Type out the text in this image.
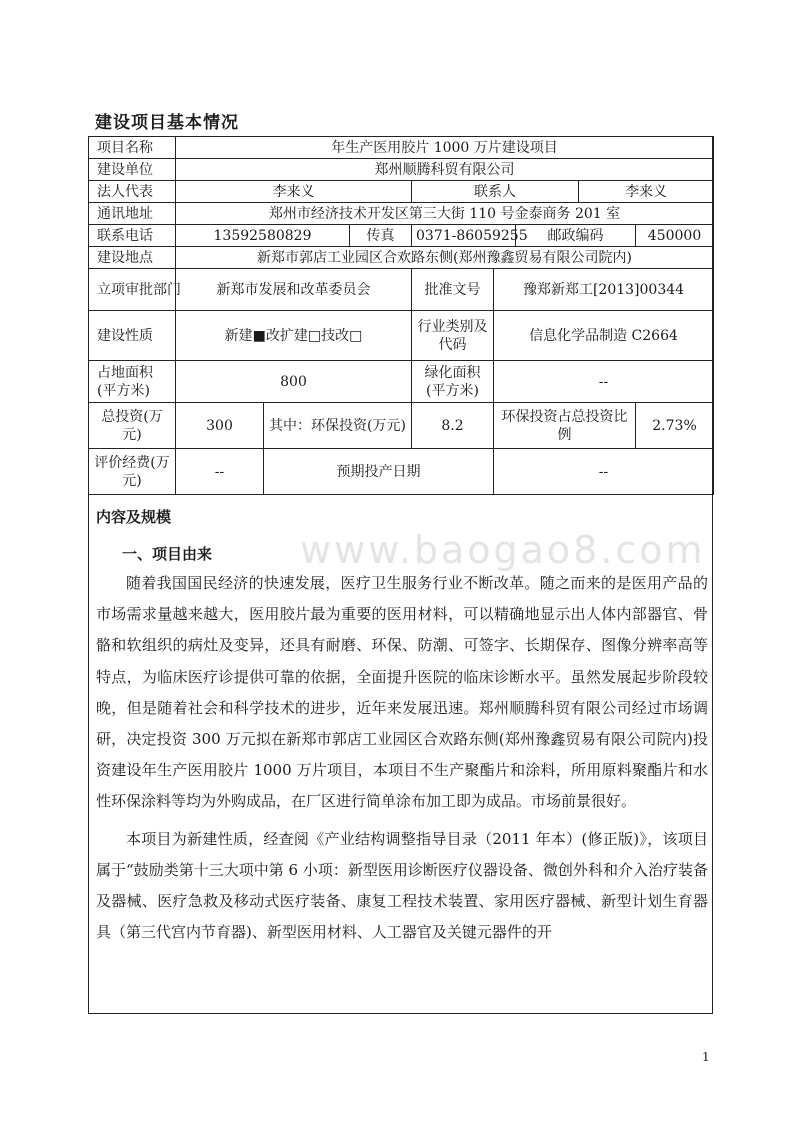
建设项目基本情况
项目名称	年生产医用胶片 1000 万片建设项目							
建设单位	郑州顺腾科贸有限公司							
法人代表	李来义			联系人			李来义	
通讯地址	郑州市经济技术开发区第三大街 110 号金泰商务 201 室							
联系电话	13592580829		传真	0371-86059255		邮政编码		450000
建设地点	新郑市郭店工业园区合欢路东侧(郑州豫鑫贸易有限公司院内)							
立项审批部门	新郑市发展和改革委员会			批准文号	豫郑新郑工[2013]00344			
建设性质	新建■改扩建□技改□			行业类别及代码	信息化学品制造 C2664			
占地面积(平方米)	800			绿化面积(平方米)	--			
总投资(万元)	300	其中：环保投资(万元)		8.2	环保投资占总投资比例			2.73%
评价经费(万元)	--	预期投产日期			--			
www.baogao8.com
内容及规模
一、项目由来
随着我国国民经济的快速发展，医疗卫生服务行业不断改革。随之而来的是医用产品的市场需求量越来越大，医用胶片最为重要的医用材料，可以精确地显示出人体内部器官、骨骼和软组织的病灶及变异，还具有耐磨、环保、防潮、可签字、长期保存、图像分辨率高等特点，为临床医疗诊提供可靠的依据，全面提升医院的临床诊断水平。虽然发展起步阶段较晚，但是随着社会和科学技术的进步，近年来发展迅速。郑州顺腾科贸有限公司经过市场调研，决定投资 300 万元拟在新郑市郭店工业园区合欢路东侧(郑州豫鑫贸易有限公司院内)投资建设年生产医用胶片 1000 万片项目，本项目不生产聚酯片和涂料，所用原料聚酯片和水性环保涂料等均为外购成品，在厂区进行简单涂布加工即为成品。市场前景很好。
本项目为新建性质，经查阅《产业结构调整指导目录（2011 年本）(修正版)》，该项目属于“鼓励类第十三大项中第 6 小项：新型医用诊断医疗仪器设备、微创外科和介入治疗装备及器械、医疗急救及移动式医疗装备、康复工程技术装置、家用医疗器械、新型计划生育器具（第三代宫内节育器)、新型医用材料、人工器官及关键元器件的开
1
